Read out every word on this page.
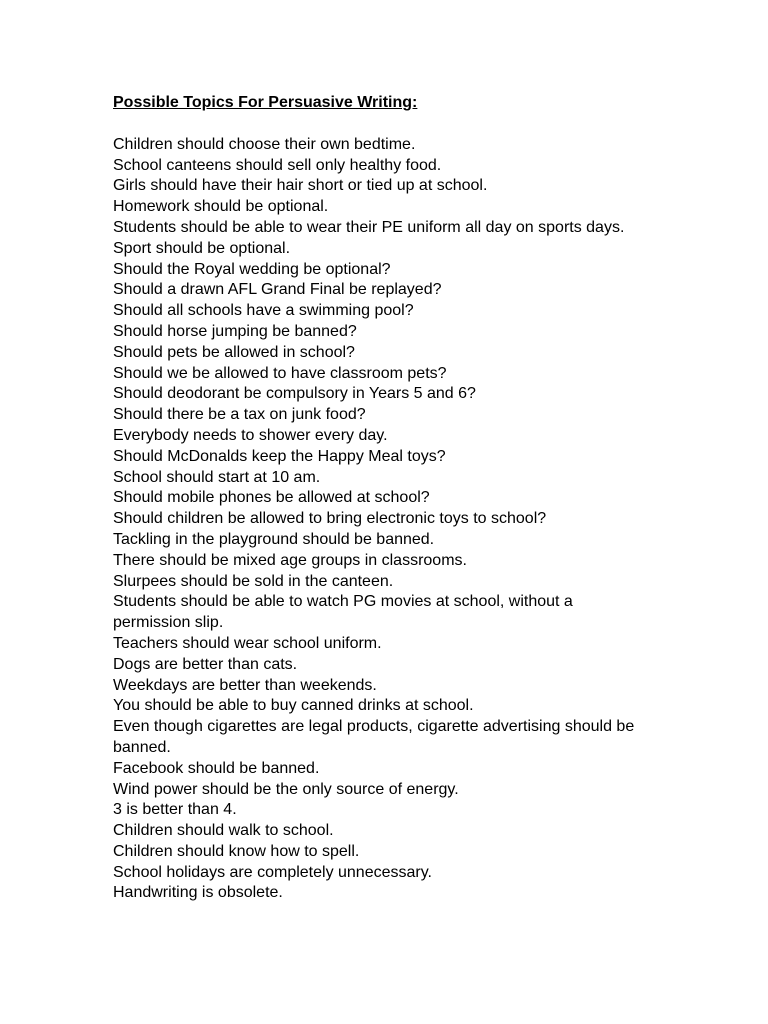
Possible Topics For Persuasive Writing:
Children should choose their own bedtime.
School canteens should sell only healthy food.
Girls should have their hair short or tied up at school.
Homework should be optional.
Students should be able to wear their PE uniform all day on sports days.
Sport should be optional.
Should the Royal wedding be optional?
Should a drawn AFL Grand Final be replayed?
Should all schools have a swimming pool?
Should horse jumping be banned?
Should pets be allowed in school?
Should we be allowed to have classroom pets?
Should deodorant be compulsory in Years 5 and 6?
Should there be a tax on junk food?
Everybody needs to shower every day.
Should McDonalds keep the Happy Meal toys?
School should start at 10 am.
Should mobile phones be allowed at school?
Should children be allowed to bring electronic toys to school?
Tackling in the playground should be banned.
There should be mixed age groups in classrooms.
Slurpees should be sold in the canteen.
Students should be able to watch PG movies at school, without a permission slip.
Teachers should wear school uniform.
Dogs are better than cats.
Weekdays are better than weekends.
You should be able to buy canned drinks at school.
Even though cigarettes are legal products, cigarette advertising should be banned.
Facebook should be banned.
Wind power should be the only source of energy.
3 is better than 4.
Children should walk to school.
Children should know how to spell.
School holidays are completely unnecessary.
Handwriting is obsolete.
